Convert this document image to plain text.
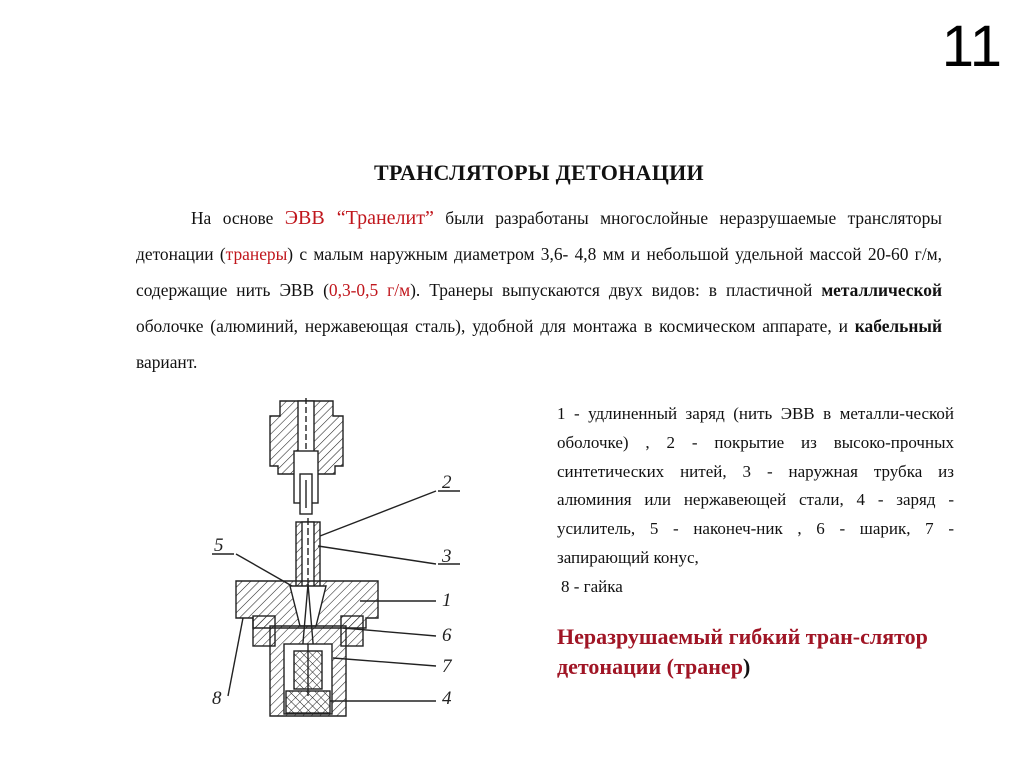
11
ТРАНСЛЯТОРЫ ДЕТОНАЦИИ
На основе ЭВВ “Транелит” были разработаны многослойные неразрушаемые трансляторы детонации (транеры) с малым наружным диаметром 3,6- 4,8 мм и небольшой удельной массой 20-60 г/м, содержащие нить ЭВВ (0,3-0,5 г/м). Транеры выпускаются двух видов: в пластичной металлической оболочке (алюминий, нержавеющая сталь), удобной для монтажа в космическом аппарате, и кабельный вариант.
2
5
3
1
6
7
8	4
1 - удлиненный заряд (нить ЭВВ в металли-ческой оболочке) , 2 - покрытие из высоко-прочных синтетических нитей, 3 - наружная трубка из алюминия или нержавеющей стали, 4 - заряд - усилитель, 5 - наконеч-ник , 6 - шарик, 7 - запирающий конус,
8 - гайка
Неразрушаемый гибкий тран-слятор детонации (транер)
